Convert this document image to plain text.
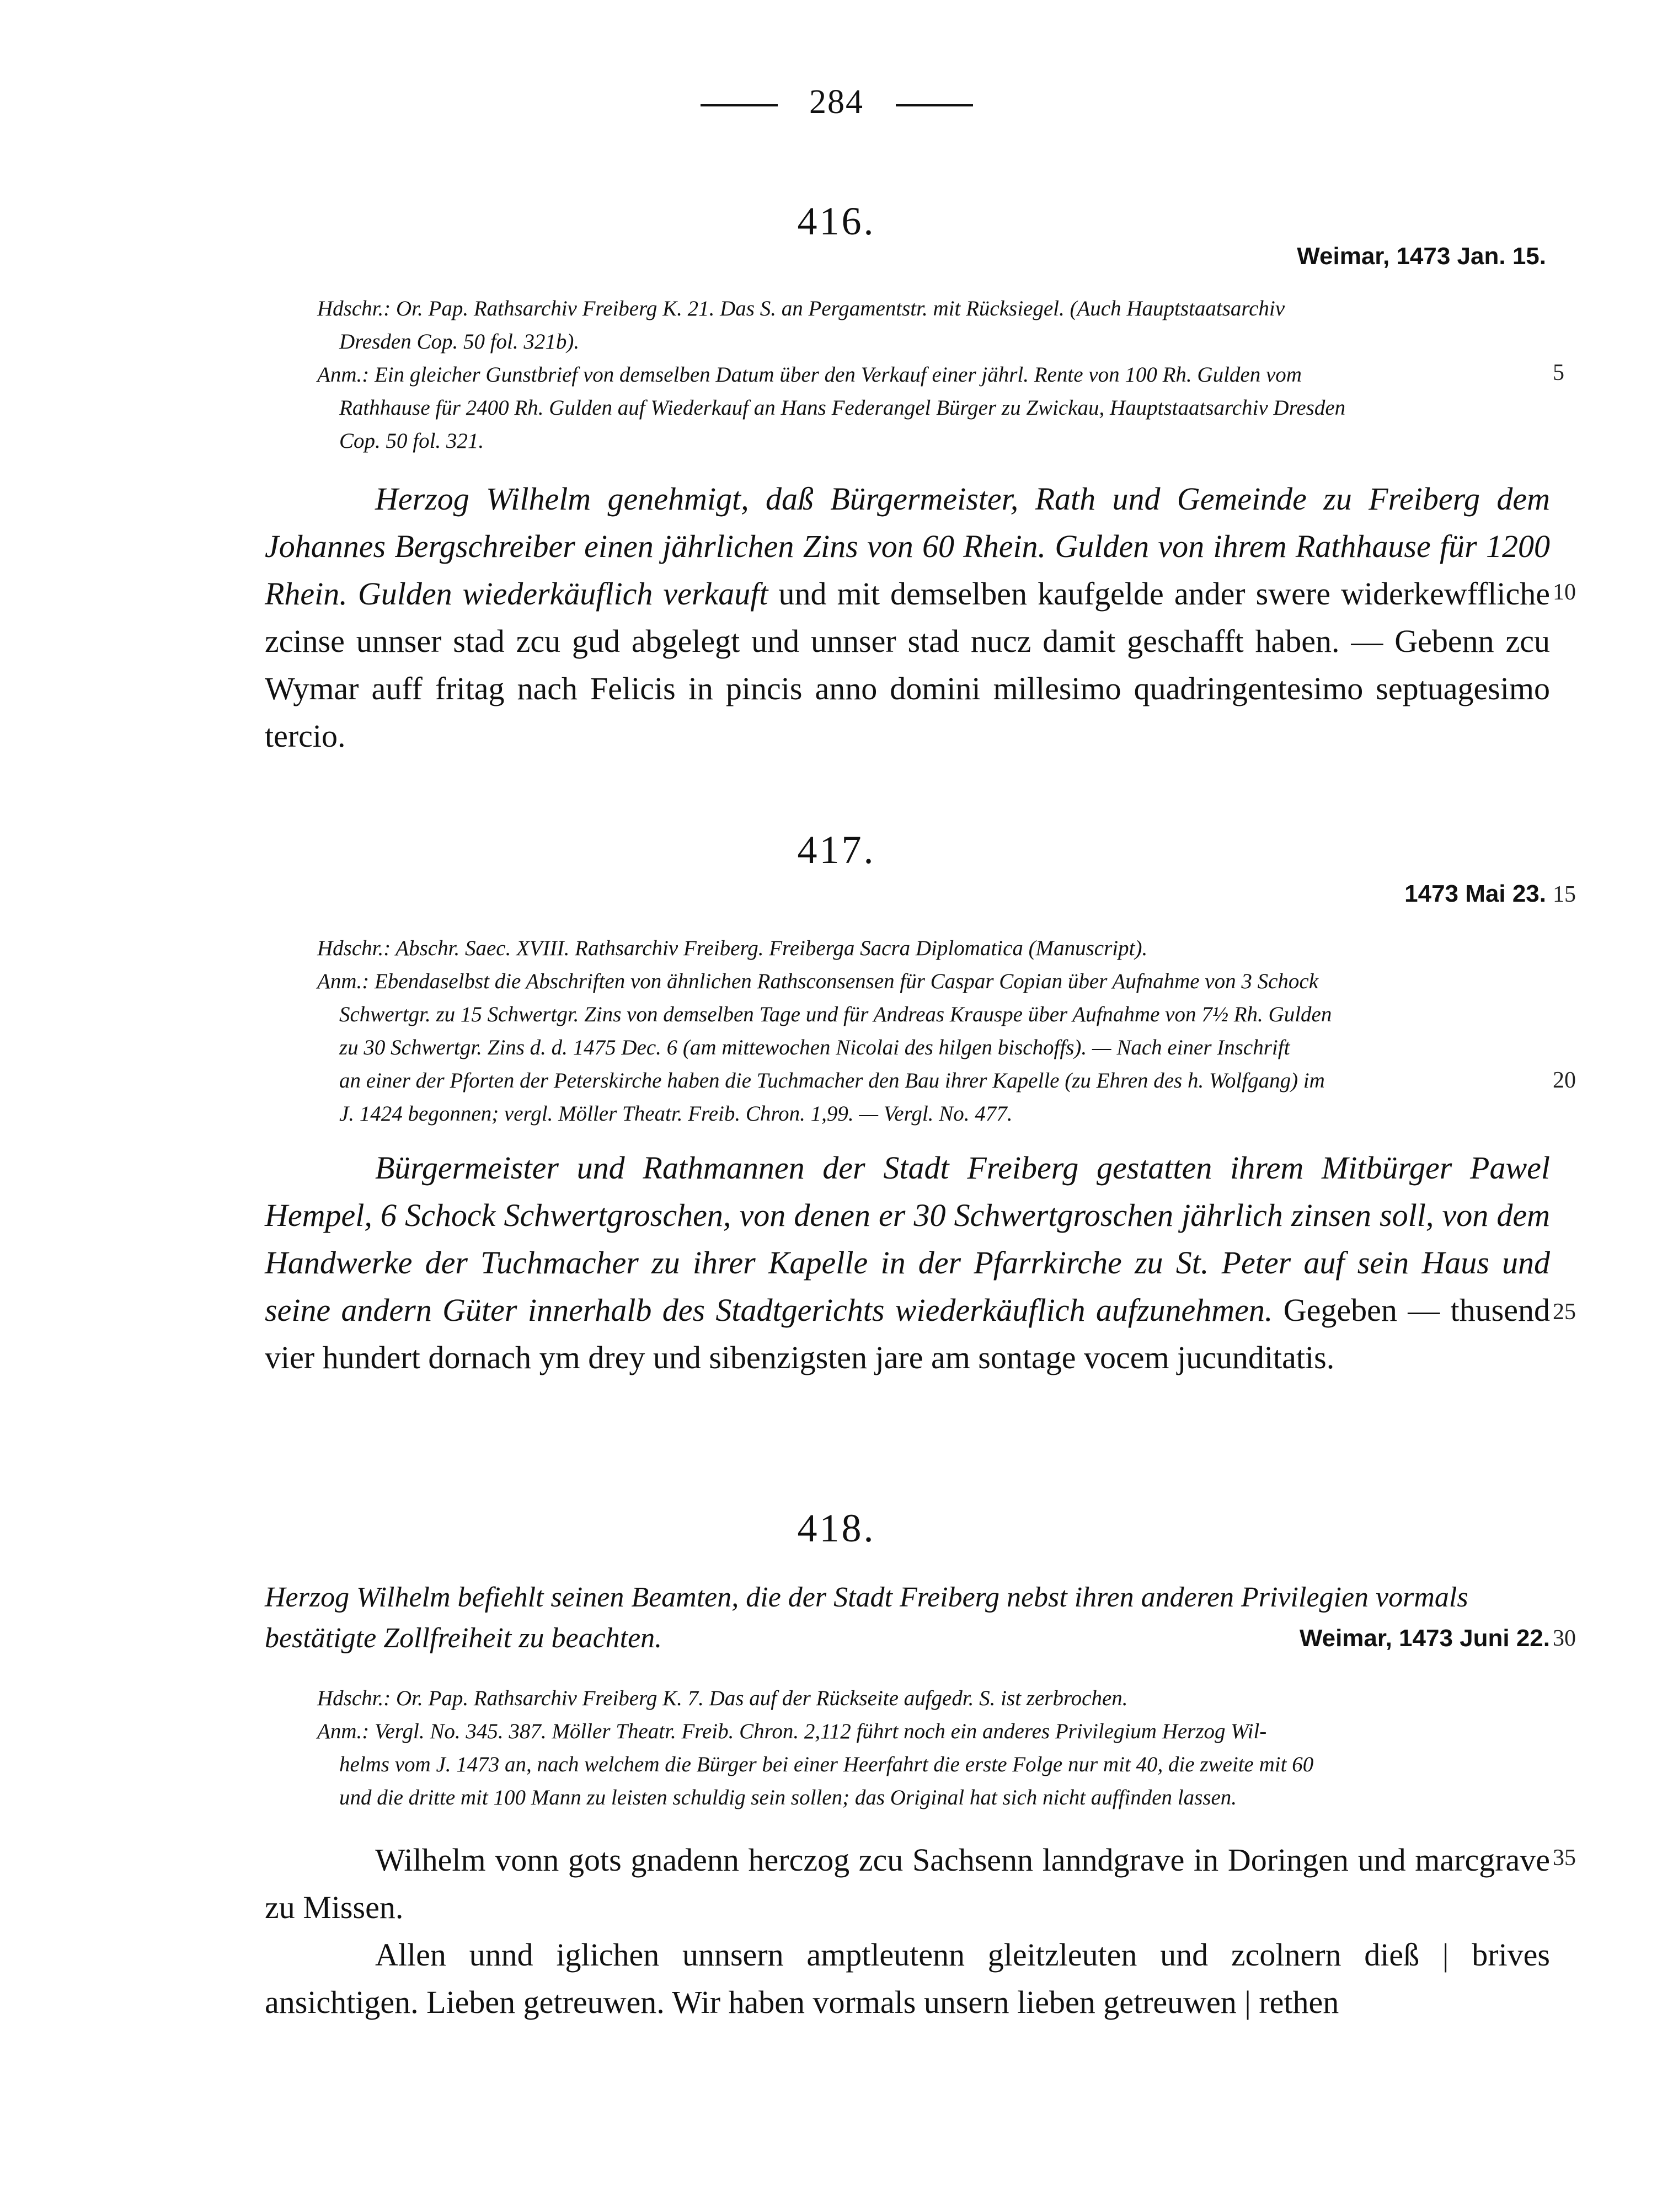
284
416.
Weimar, 1473 Jan. 15.

Hdschr.: Or. Pap. Rathsarchiv Freiberg K. 21. Das S. an Pergamentstr. mit Rücksiegel. (Auch Hauptstaatsarchiv

Dresden Cop. 50 fol. 321b).

Anm.: Ein gleicher Gunstbrief von demselben Datum über den Verkauf einer jährl. Rente von 100 Rh. Gulden vom

Rathhause für 2400 Rh. Gulden auf Wiederkauf an Hans Federangel Bürger zu Zwickau, Hauptstaatsarchiv Dresden

Cop. 50 fol. 321.

5

Herzog Wilhelm genehmigt, daß Bürgermeister, Rath und Gemeinde zu Freiberg dem Johannes Bergschreiber einen jährlichen Zins von 60 Rhein. Gulden von ihrem Rathhause für 1200 Rhein. Gulden wiederkäuflich verkauft und mit demselben kaufgelde ander swere widerkewffliche zcinse unnser stad zcu gud abgelegt und unnser stad nucz damit geschafft haben. — Gebenn zcu Wymar auff fritag nach Felicis in pincis anno domini millesimo quadringentesimo septuagesimo tercio.

10
417.
1473 Mai 23. 15

Hdschr.: Abschr. Saec. XVIII. Rathsarchiv Freiberg. Freiberga Sacra Diplomatica (Manuscript).

Anm.: Ebendaselbst die Abschriften von ähnlichen Rathsconsensen für Caspar Copian über Aufnahme von 3 Schock

Schwertgr. zu 15 Schwertgr. Zins von demselben Tage und für Andreas Krauspe über Aufnahme von 7½ Rh. Gulden

zu 30 Schwertgr. Zins d. d. 1475 Dec. 6 (am mittewochen Nicolai des hilgen bischoffs). — Nach einer Inschrift

an einer der Pforten der Peterskirche haben die Tuchmacher den Bau ihrer Kapelle (zu Ehren des h. Wolfgang) im

J. 1424 begonnen; vergl. Möller Theatr. Freib. Chron. 1,99. — Vergl. No. 477.

20

Bürgermeister und Rathmannen der Stadt Freiberg gestatten ihrem Mitbürger Pawel Hempel, 6 Schock Schwertgroschen, von denen er 30 Schwertgroschen jährlich zinsen soll, von dem Handwerke der Tuchmacher zu ihrer Kapelle in der Pfarrkirche zu St. Peter auf sein Haus und seine andern Güter innerhalb des Stadtgerichts wiederkäuflich aufzunehmen. Gegeben — thusend vier hundert dornach ym drey und sibenzigsten jare am sontage vocem jucunditatis.

25
418.
Herzog Wilhelm befiehlt seinen Beamten, die der Stadt Freiberg nebst ihren anderen Privilegien vormals bestätigte Zollfreiheit zu beachten.	Weimar, 1473 Juni 22. 30

Hdschr.: Or. Pap. Rathsarchiv Freiberg K. 7. Das auf der Rückseite aufgedr. S. ist zerbrochen.

Anm.: Vergl. No. 345. 387. Möller Theatr. Freib. Chron. 2,112 führt noch ein anderes Privilegium Herzog Wil-

helms vom J. 1473 an, nach welchem die Bürger bei einer Heerfahrt die erste Folge nur mit 40, die zweite mit 60

und die dritte mit 100 Mann zu leisten schuldig sein sollen; das Original hat sich nicht auffinden lassen.

Wilhelm vonn gots gnadenn herczog zcu Sachsenn lanndgrave in Doringen und marcgrave zu Missen.

Allen unnd iglichen unnsern amptleutenn gleitzleuten und zcolnern dieß | brives ansichtigen. Lieben getreuwen. Wir haben vormals unsern lieben getreuwen | rethen

35
